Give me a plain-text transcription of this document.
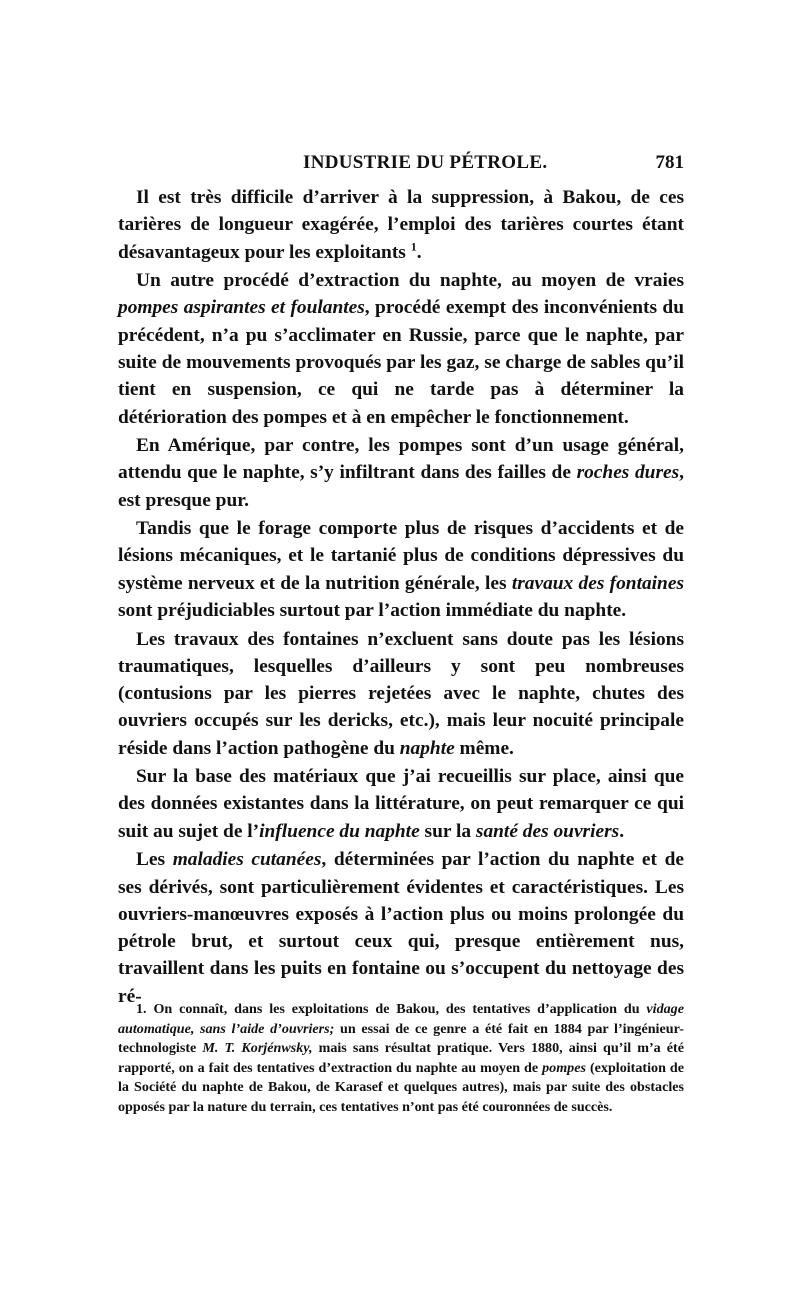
INDUSTRIE DU PÉTROLE.	781

Il est très difficile d’arriver à la suppression, à Bakou, de ces tarières de longueur exagérée, l’emploi des tarières courtes étant désavantageux pour les exploitants $^1$.

Un autre procédé d’extraction du naphte, au moyen de vraies pompes aspirantes et foulantes, procédé exempt des inconvénients du précédent, n’a pu s’acclimater en Russie, parce que le naphte, par suite de mouvements provoqués par les gaz, se charge de sables qu’il tient en suspension, ce qui ne tarde pas à déterminer la détérioration des pompes et à en empêcher le fonctionnement.

En Amérique, par contre, les pompes sont d’un usage général, attendu que le naphte, s’y infiltrant dans des failles de roches dures, est presque pur.

Tandis que le forage comporte plus de risques d’accidents et de lésions mécaniques, et le tartanié plus de conditions dépressives du système nerveux et de la nutrition générale, les travaux des fontaines sont préjudiciables surtout par l’action immédiate du naphte.

Les travaux des fontaines n’excluent sans doute pas les lésions traumatiques, lesquelles d’ailleurs y sont peu nombreuses (contusions par les pierres rejetées avec le naphte, chutes des ouvriers occupés sur les dericks, etc.), mais leur nocuité principale réside dans l’action pathogène du naphte même.

Sur la base des matériaux que j’ai recueillis sur place, ainsi que des données existantes dans la littérature, on peut remarquer ce qui suit au sujet de l’influence du naphte sur la santé des ouvriers.

Les maladies cutanées, déterminées par l’action du naphte et de ses dérivés, sont particulièrement évidentes et caractéristiques. Les ouvriers-manœuvres exposés à l’action plus ou moins prolongée du pétrole brut, et surtout ceux qui, presque entièrement nus, travaillent dans les puits en fontaine ou s’occupent du nettoyage des ré-

1. On connaît, dans les exploitations de Bakou, des tentatives d’application du vidage automatique, sans l’aide d’ouvriers; un essai de ce genre a été fait en 1884 par l’ingénieur-technologiste M. T. Korjénwsky, mais sans résultat pratique. Vers 1880, ainsi qu’il m’a été rapporté, on a fait des tentatives d’extraction du naphte au moyen de pompes (exploitation de la Société du naphte de Bakou, de Karasef et quelques autres), mais par suite des obstacles opposés par la nature du terrain, ces tentatives n’ont pas été couronnées de succès.
